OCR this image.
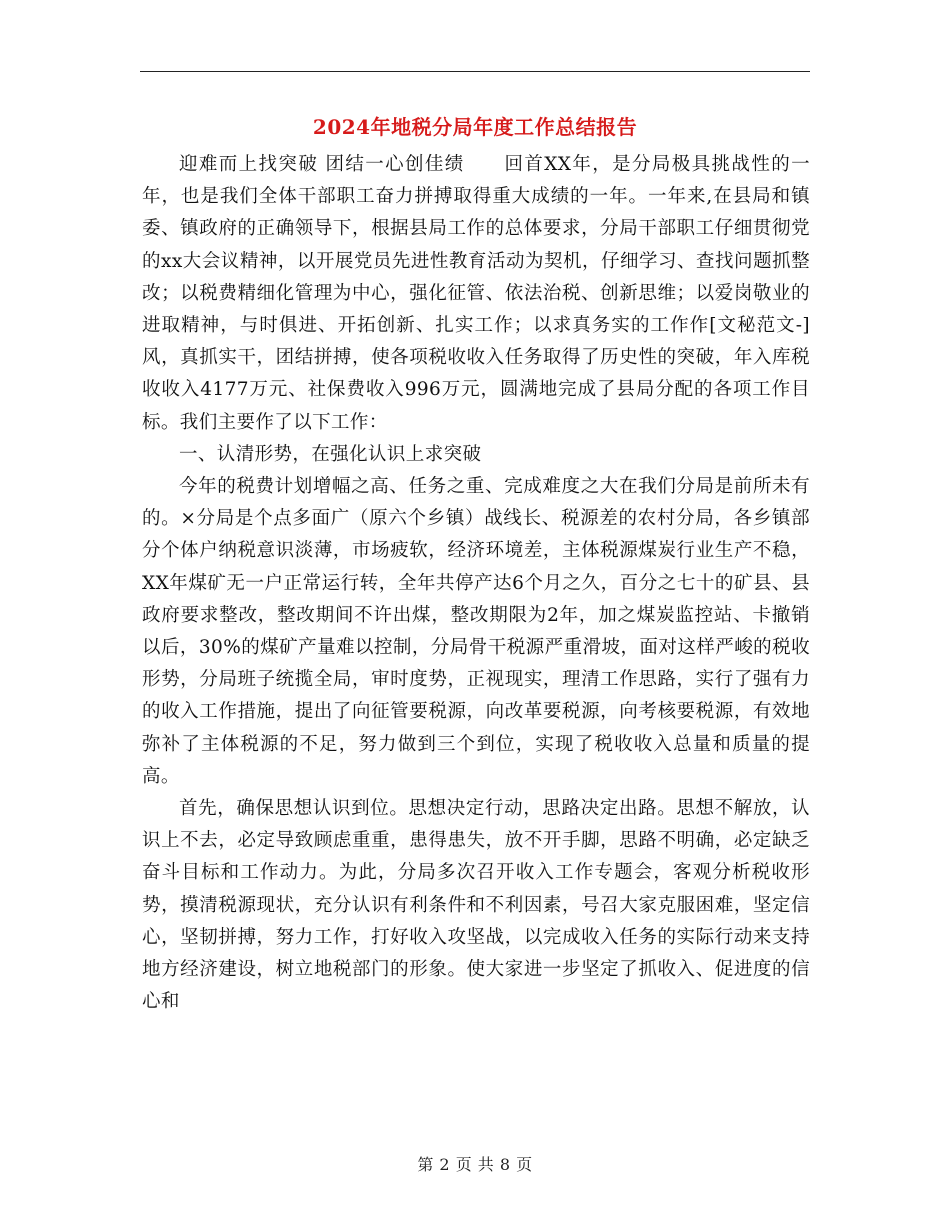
2024年地税分局年度工作总结报告

迎难而上找突破 团结一心创佳绩　　回首XX年，是分局极具挑战性的一年，也是我们全体干部职工奋力拼搏取得重大成绩的一年。一年来,在县局和镇委、镇政府的正确领导下，根据县局工作的总体要求，分局干部职工仔细贯彻党的xx大会议精神，以开展党员先进性教育活动为契机，仔细学习、查找问题抓整改；以税费精细化管理为中心，强化征管、依法治税、创新思维；以爱岗敬业的进取精神，与时俱进、开拓创新、扎实工作；以求真务实的工作作[文秘范文-]风，真抓实干，团结拼搏，使各项税收收入任务取得了历史性的突破，年入库税收收入4177万元、社保费收入996万元，圆满地完成了县局分配的各项工作目标。我们主要作了以下工作：

一、认清形势，在强化认识上求突破

今年的税费计划增幅之高、任务之重、完成难度之大在我们分局是前所未有的。×分局是个点多面广（原六个乡镇）战线长、税源差的农村分局，各乡镇部分个体户纳税意识淡薄，市场疲软，经济环境差，主体税源煤炭行业生产不稳，XX年煤矿无一户正常运行转，全年共停产达6个月之久，百分之七十的矿县、县政府要求整改，整改期间不许出煤，整改期限为2年，加之煤炭监控站、卡撤销以后，30%的煤矿产量难以控制，分局骨干税源严重滑坡，面对这样严峻的税收形势，分局班子统揽全局，审时度势，正视现实，理清工作思路，实行了强有力的收入工作措施，提出了向征管要税源，向改革要税源，向考核要税源，有效地弥补了主体税源的不足，努力做到三个到位，实现了税收收入总量和质量的提高。

首先，确保思想认识到位。思想决定行动，思路决定出路。思想不解放，认识上不去，必定导致顾虑重重，患得患失，放不开手脚，思路不明确，必定缺乏奋斗目标和工作动力。为此，分局多次召开收入工作专题会，客观分析税收形势，摸清税源现状，充分认识有利条件和不利因素，号召大家克服困难，坚定信心，坚韧拼搏，努力工作，打好收入攻坚战，以完成收入任务的实际行动来支持地方经济建设，树立地税部门的形象。使大家进一步坚定了抓收入、促进度的信心和

第 2 页 共 8 页
